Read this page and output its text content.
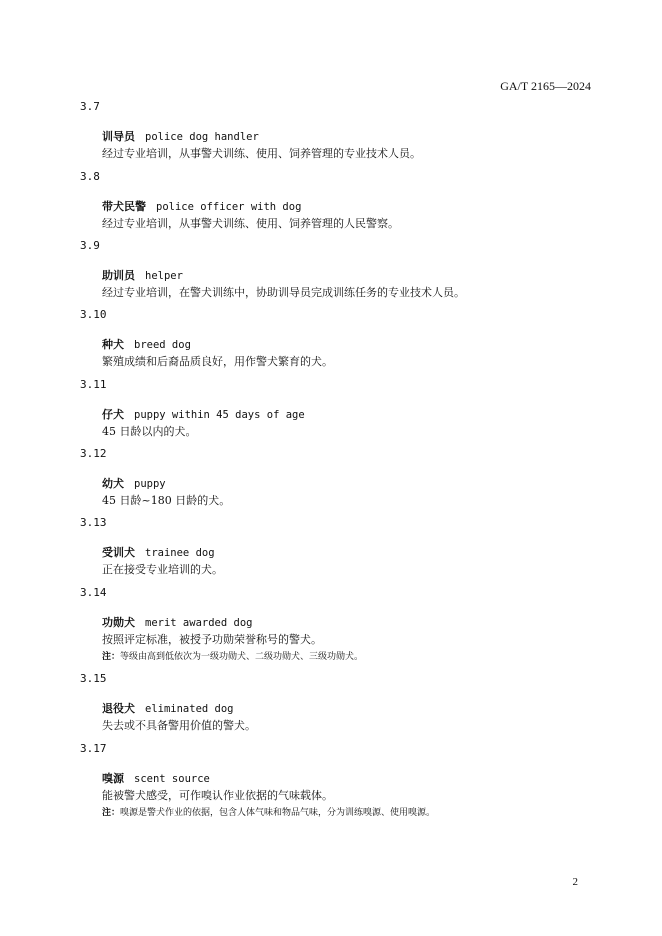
GA/T 2165—2024
3.7
训导员 police dog handler
经过专业培训，从事警犬训练、使用、饲养管理的专业技术人员。
3.8
带犬民警 police officer with dog
经过专业培训，从事警犬训练、使用、饲养管理的人民警察。
3.9
助训员 helper
经过专业培训，在警犬训练中，协助训导员完成训练任务的专业技术人员。
3.10
种犬 breed dog
繁殖成绩和后裔品质良好，用作警犬繁育的犬。
3.11
仔犬 puppy within 45 days of age
45 日龄以内的犬。
3.12
幼犬 puppy
45 日龄~180 日龄的犬。
3.13
受训犬 trainee dog
正在接受专业培训的犬。
3.14
功勋犬 merit awarded dog
按照评定标准，被授予功勋荣誉称号的警犬。
注：等级由高到低依次为一级功勋犬、二级功勋犬、三级功勋犬。
3.15
退役犬 eliminated dog
失去或不具备警用价值的警犬。
3.17
嗅源 scent source
能被警犬感受，可作嗅认作业依据的气味载体。
注：嗅源是警犬作业的依据，包含人体气味和物品气味，分为训练嗅源、使用嗅源。
2
